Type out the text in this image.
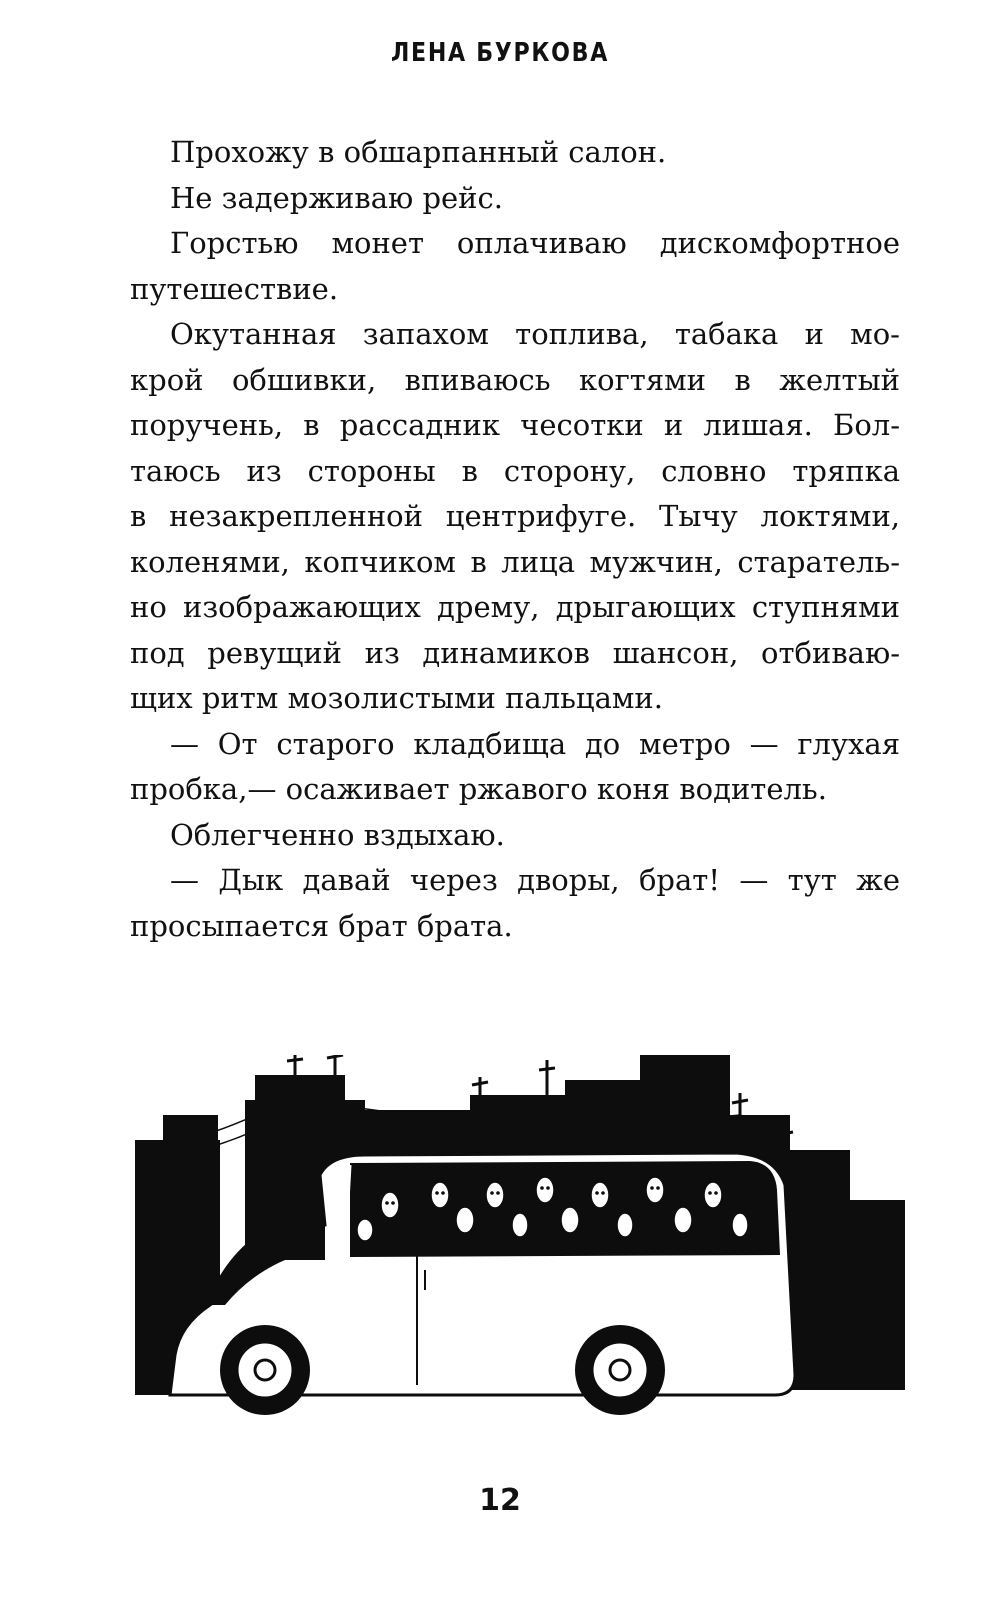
ЛЕНА БУРКОВА
Прохожу в обшарпанный салон.
Не задерживаю рейс.
Горстью монет оплачиваю дискомфортное
путешествие.
Окутанная запахом топлива, табака и мо-
крой обшивки, впиваюсь когтями в желтый
поручень, в рассадник чесотки и лишая. Бол-
таюсь из стороны в сторону, словно тряпка
в незакрепленной центрифуге. Тычу локтями,
коленями, копчиком в лица мужчин, старатель-
но изображающих дрему, дрыгающих ступнями
под ревущий из динамиков шансон, отбиваю-
щих ритм мозолистыми пальцами.
— От старого кладбища до метро — глухая
пробка,— осаживает ржавого коня водитель.
Облегченно вздыхаю.
— Дык давай через дворы, брат! — тут же
просыпается брат брата.
12
